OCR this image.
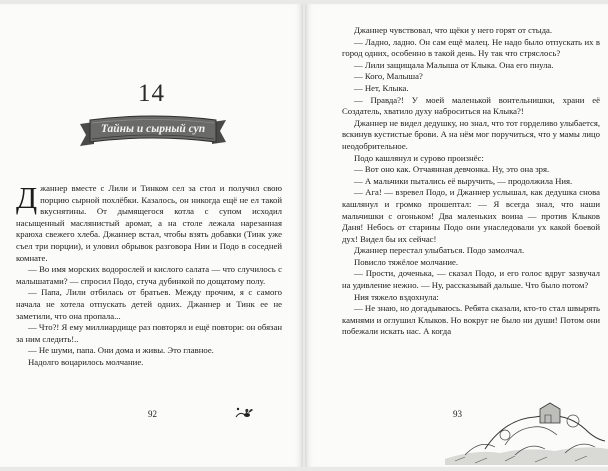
14
Тайны и сырный суп

Джаннер вместе с Лили и Тинком сел за стол и получил свою порцию сырной похлёбки. Казалось, он никогда ещё не ел такой вкуснятины. От дымящегося котла с супом исходил насыщенный маслянистый аромат, а на столе лежала нарезанная краюха свежего хлеба. Джаннер встал, чтобы взять добавки (Тинк уже съел три порции), и уловил обрывок разговора Нии и Подо в соседней комнате.

— Во имя морских водорослей и кислого салата — что случилось с малышатами? — спросил Подо, стуча дубинкой по дощатому полу.

— Папа, Лили отбилась от братьев. Между прочим, я с самого начала не хотела отпускать детей одних. Джаннер и Тинк ее не заметили, что она пропала...

— Что?! Я ему миллиардище раз повторял и ещё повтори: он обязан за ним следить!..

— Не шуми, папа. Они дома и живы. Это главное.

Надолго воцарилось молчание.

92

Джаннер чувствовал, что щёки у него горят от стыда.

— Ладно, ладно. Он сам ещё малец. Не надо было отпускать их в город одних, особенно в такой день. Ну так что стряслось?

— Лили защищала Малыша от Клыка. Она его пнула.

— Кого, Малыша?

— Нет, Клыка.

— Правда?! У моей маленькой вонтельнишки, храни её Создатель, хватило духу наброситься на Клыка?!

Джаннер не видел дедушку, но знал, что тот горделиво улыбается, вскинув кустистые брови. А на нём мог поручиться, что у мамы лицо неодобрительное.

Подо кашлянул и сурово произнёс:

— Вот оно как. Отчаянная девчонка. Ну, это она зря.

— А мальчики пытались её выручить, — продолжила Ния.

— Ага! — взревел Подо, и Джаннер услышал, как дедушка снова кашлянул и громко прошептал: — Я всегда знал, что наши мальчишки с огоньком! Два маленьких воина — против Клыков Даня! Небось от старины Подо они унаследовали ух какой боевой дух! Видел бы их сейчас!

Джаннер перестал улыбаться. Подо замолчал.

Повисло тяжёлое молчание.

— Прости, доченька, — сказал Подо, и его голос вдруг зазвучал на удивление нежно. — Ну, рассказывай дальше. Что было потом?

Ния тяжело вздохнула:

— Не знаю, но догадываюсь. Ребята сказали, кто-то стал швырять камнями и оглушил Клыков. Но вокруг не было ни души! Потом они побежали искать нас. А когда

93
